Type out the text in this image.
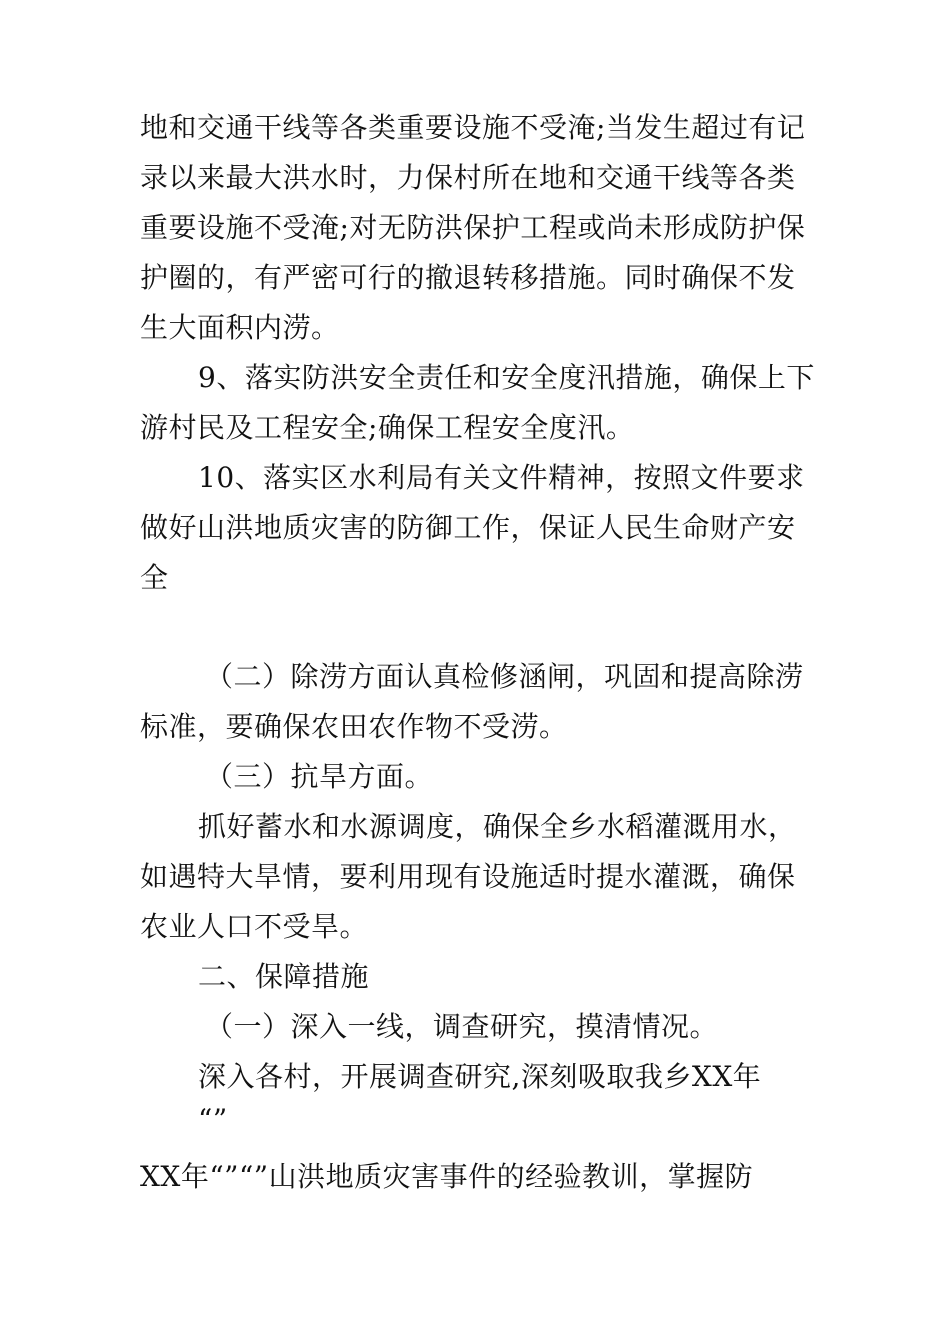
地和交通干线等各类重要设施不受淹;当发生超过有记
录以来最大洪水时，力保村所在地和交通干线等各类
重要设施不受淹;对无防洪保护工程或尚未形成防护保
护圈的，有严密可行的撤退转移措施。同时确保不发
生大面积内涝。
9、落实防洪安全责任和安全度汛措施，确保上下
游村民及工程安全;确保工程安全度汛。
10、落实区水利局有关文件精神，按照文件要求
做好山洪地质灾害的防御工作，保证人民生命财产安
全
（二）除涝方面认真检修涵闸，巩固和提高除涝
标准，要确保农田农作物不受涝。
（三）抗旱方面。
抓好蓄水和水源调度，确保全乡水稻灌溉用水，
如遇特大旱情，要利用现有设施适时提水灌溉，确保
农业人口不受旱。
二、保障措施
（一）深入一线，调查研究，摸清情况。
深入各村，开展调查研究,深刻吸取我乡XX年
“”
XX年“”“”山洪地质灾害事件的经验教训，掌握防
